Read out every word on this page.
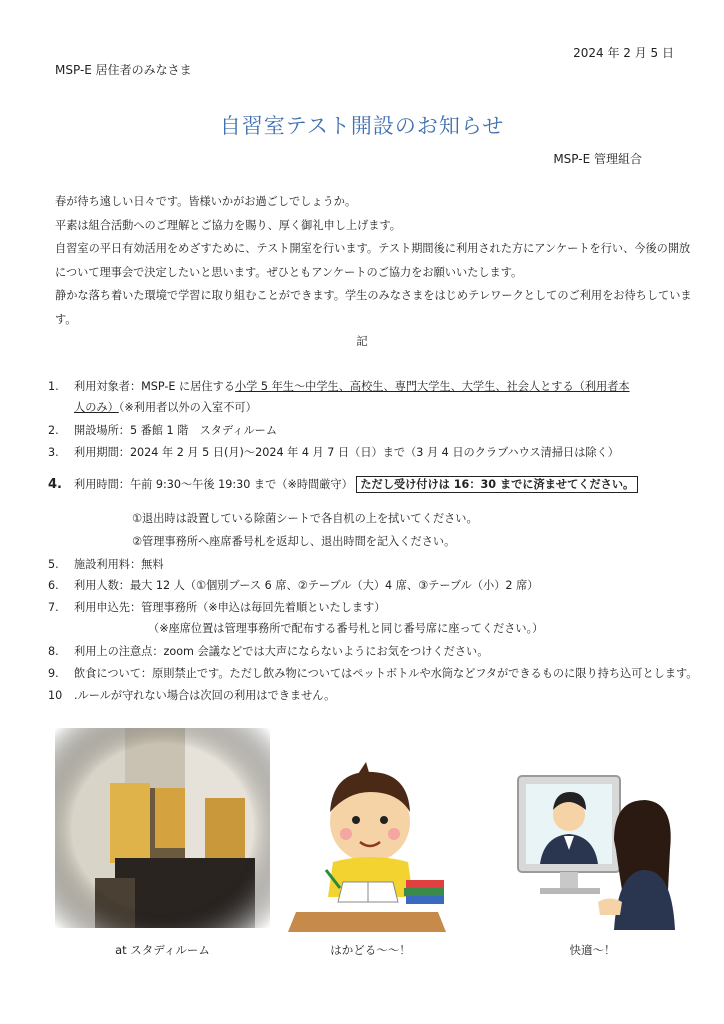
2024 年 2 月 5 日
MSP-E 居住者のみなさま
自習室テスト開設のお知らせ
MSP-E 管理組合

春が待ち遠しい日々です。皆様いかがお過ごしでしょうか。

平素は組合活動へのご理解とご協力を賜り、厚く御礼申し上げます。

自習室の平日有効活用をめざすために、テスト開室を行います。テスト期間後に利用された方にアンケートを行い、今後の開放

について理事会で決定したいと思います。ぜひともアンケートのご協力をお願いいたします。

静かな落ち着いた環境で学習に取り組むことができます。学生のみなさまをはじめテレワークとしてのご利用をお待ちしています。

記
1. 利用対象者：MSP-E に居住する小学 5 年生～中学生、高校生、専門大学生、大学生、社会人とする（利用者本
人のみ）（※利用者以外の入室不可）
2. 開設場所：5 番館 1 階　スタディルーム
3. 利用期間：2024 年 2 月 5 日(月)～2024 年 4 月 7 日（日）まで（3 月 4 日のクラブハウス清掃日は除く）
4. 利用時間：午前 9:30～午後 19:30 まで（※時間厳守） ただし受け付けは 16：30 までに済ませてください。
①退出時は設置している除菌シートで各自机の上を拭いてください。
②管理事務所へ座席番号札を返却し、退出時間を記入ください。
5. 施設利用料：無料
6. 利用人数：最大 12 人（①個別ブース 6 席、②テーブル（大）4 席、③テーブル（小）2 席）
7. 利用申込先：管理事務所（※申込は毎回先着順といたします）
（※座席位置は管理事務所で配布する番号札と同じ番号席に座ってください。）
8. 利用上の注意点：zoom 会議などでは大声にならないようにお気をつけください。
9. 飲食について：原則禁止です。ただし飲み物についてはペットボトルや水筒などフタができるものに限り持ち込可とします。
10 .ルールが守れない場合は次回の利用はできません。
at スタディルーム	はかどる～～！	快適～！
